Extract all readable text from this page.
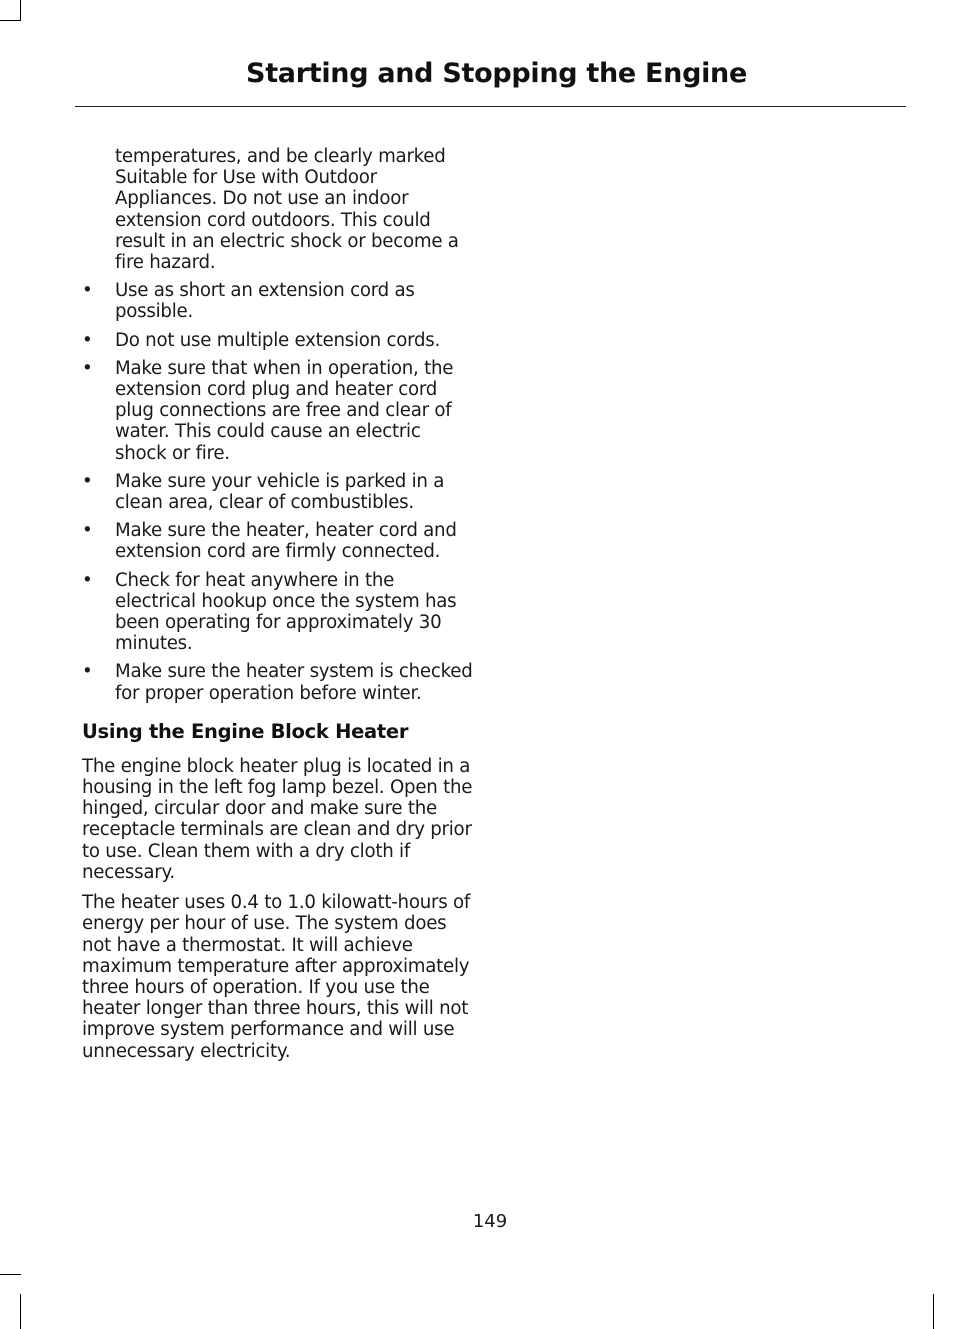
Starting and Stopping the Engine

temperatures, and be clearly marked Suitable for Use with Outdoor Appliances. Do not use an indoor extension cord outdoors. This could result in an electric shock or become a fire hazard.

• Use as short an extension cord as possible.
• Do not use multiple extension cords.
• Make sure that when in operation, the extension cord plug and heater cord plug connections are free and clear of water. This could cause an electric shock or fire.
• Make sure your vehicle is parked in a clean area, clear of combustibles.
• Make sure the heater, heater cord and extension cord are firmly connected.
• Check for heat anywhere in the electrical hookup once the system has been operating for approximately 30 minutes.
• Make sure the heater system is checked for proper operation before winter.

Using the Engine Block Heater

The engine block heater plug is located in a housing in the left fog lamp bezel. Open the hinged, circular door and make sure the receptacle terminals are clean and dry prior to use. Clean them with a dry cloth if necessary.

The heater uses 0.4 to 1.0 kilowatt-hours of energy per hour of use. The system does not have a thermostat. It will achieve maximum temperature after approximately three hours of operation. If you use the heater longer than three hours, this will not improve system performance and will use unnecessary electricity.

149
